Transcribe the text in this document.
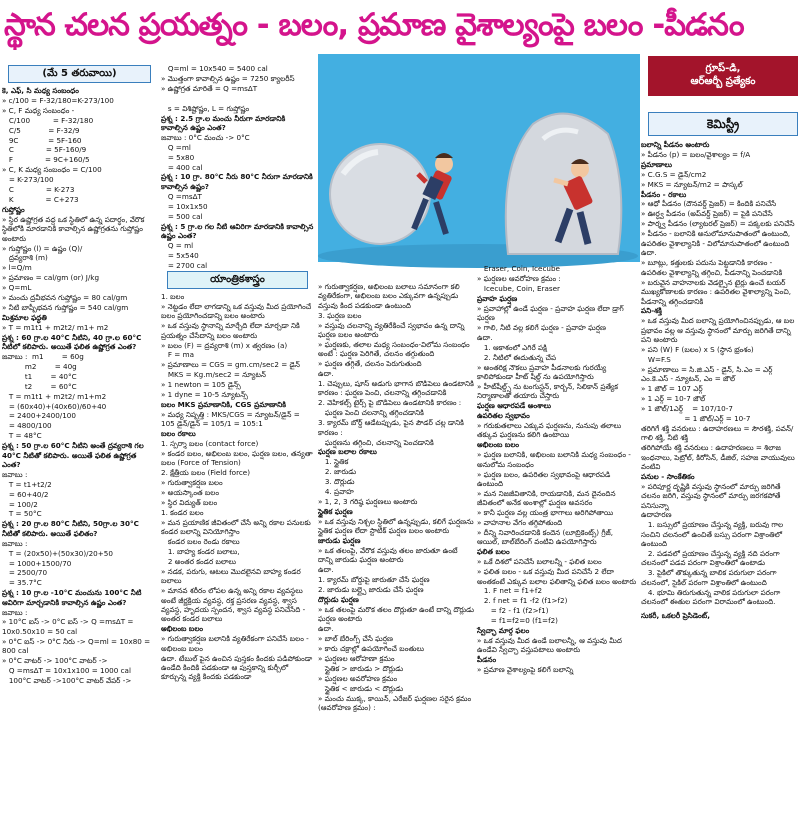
స్థాన చలన ప్రయత్నం - బలం, ప్రమాణ వైశాల్యంపై బలం -పీడనం
(మే 5 తరువాయి)

కె, ఎఫ్, సి మధ్య సంబంధం

» c/100 = F-32/180=K-273/100

» C, F మధ్య సంబంధం -

C/100          = F-32/180

C/5            = F-32/9

9C             = 5F-160

C              = 5F-160/9

F              = 9C+160/5

» C, K మధ్య సంబంధం = C/100

= K-273/100

C              = K-273

K              = C+273

గుప్తోష్ణం

» స్థిర ఉష్ణోగ్రత వద్ద ఒక స్థితిలో ఉన్న పదార్థం, వేరొక స్థితిలోకి మారడానికి కావాల్సిన ఉష్ణోగ్రతను గుప్తోష్ణం అంటారు

» గుప్తోష్ణం (l) = ఉష్ణం (Q)/

ద్రవ్యరాశి (m)

» l=Q/m

» ప్రమాణం = cal/gm (or) J/kg

» Q=mL

» మంచు ద్రవీభవన గుప్తోష్ణం = 80 cal/gm

» నీటి బాష్పీభవన గుప్తోష్ణం = 540 cal/gm

మిశ్రమాల ఫద్ధతి

» T = m1t1 + m2t2/ m1+ m2

ప్రశ్న : 60 గ్రా.ల 40°C నీటిని, 40 గ్రా.ల 60°C నీటిలో కలిపారు. అయితే ఫలిత ఉష్ణోగ్రత ఎంత?

జవాబు :  m1        = 60g

m2        = 40g

t1        = 40°C

t2        = 60°C

T = m1t1 + m2t2/ m1+m2

= (60x40)+(40x60)/60+40

= 2400+2400/100

= 4800/100

T = 48°C

ప్రశ్న : 50 గ్రా.ల 60°C నీటిని అంతే ద్రవ్యరాశి గల 40°C నీటితో కలిపారు. అయితే ఫలిత ఉష్ణోగ్రత ఎంత?

జవాబు :

T = t1+t2/2

= 60+40/2

= 100/2

T = 50°C

ప్రశ్న : 20 గ్రా.ల 80°C నీటిని, 50గ్రా.ల 30°C నీటితో కలిపారు. అయితే ఫలితం?

జవాబు :

T = (20x50)+(50x30)/20+50

= 1000+1500/70

= 2500/70

= 35.7°C

ప్రశ్న : 10 గ్రా.ల -10°C మంచును 100°C నీటి ఆవిరిగా మార్చడానికి కావాల్సిన ఉష్ణం ఎంత?

జవాబు :

» 10°C ఐస్ -> 0°C ఐస్ -> Q =msΔT = 10x0.50x10 = 50 cal

» 0°C ఐస్ -> 0°C నీరు -> Q=ml = 10x80 = 800 cal

» 0°C వాటర్ -> 100°C వాటర్ ->

Q =msΔT = 10x1x100 = 1000 cal

100°C వాటర్ ->100°C వాటర్ వేపర్ ->

Q=ml = 10x540 = 5400 cal

» మొత్తంగా కావాల్సిన ఉష్ణం = 7250 క్యాలరీస్

» ఉష్ణోగ్రత మారితే = Q =msΔT

s = విశిష్టోష్ణం, L = గుప్తోష్ణం

ప్రశ్న : 2.5 గ్రా.ల మంచు నీరుగా మారడానికి కావాల్సిన ఉష్ణం ఎంత?

జవాబు : 0°C మంచు -> 0°C

Q =ml

= 5x80

= 400 cal

ప్రశ్న : 10 గ్రా. 80°C నీరు 80°C నీరుగా మారడానికి కావాల్సిన ఉష్ణం?

Q =msΔT

= 10x1x50

= 500 cal

ప్రశ్న : 5 గ్రా.ల గల నీటి ఆవిరిగా మారడానికి కావాల్సిన ఉష్ణం ఎంత?

Q = ml

= 5x540

= 2700 cal

యాంత్రికశాస్త్రం

1. బలం

» నెట్టడం లేదా లాగడాన్ని ఒక వస్తువు మీద ప్రయోగించే బలం ప్రయోగించడాన్ని బలం అంటారు

» ఒక వస్తువు స్థానాన్ని మార్చేది లేదా మార్చడా నికి ప్రయత్నం చేసేదాన్ని బలం అంటారు

» బలం (F) = ద్రవ్యరాశి (m) x త్వరణం (a)

F = ma

» ప్రమాణాలు = CGS = gm.cm/sec2 = డైన్

MKS = Kg.m/sec2 = న్యూటన్

» 1 newton = 105 డైన్స్

» 1 dyne = 10-5 న్యూటన్స్

బలం MKS ప్రమాణానికి, CGS ప్రమాణానికి

» మధ్య నిష్పత్తి : MKS/CGS = న్యూటన్/డైన్ = 105 డైన్/డైన్ = 105/1 = 105:1

బలం రకాలు

1. స్పర్శా బలం (contact force)

» కండర బలం, అభిలంబ బలం, ఘర్షణ బలం, తన్యతా బలం (Force of Tension)

2. క్షేత్రీయ బలం (Field force)

» గురుత్వాకర్షణ బలం

» అయస్కాంత బలం

» స్థిర విద్యుత్ బలం

1. కండర బలం

» మన ప్రయాణిక జీవితంలో చేసే అన్ని రకాల పనులకు కండర బలాన్ని వినియోగిస్తాం

కండర బలం రెండు రకాలు

1. బాహ్య కండర బలాలు,

2 అంతర కండర బలాలు

» నడక, పరుగు, ఆటలు మొదలైనవి బాహ్య కండర బలాలు

» మానవ శరీరం లోపల ఉన్న అన్ని రకాల వ్యవస్థలు అంటే జీర్ణక్రియ వ్యవస్థ, రక్త ప్రసరణ వ్యవస్థ, శ్వాస వ్యవస్థ, హృదయ స్పందన, శ్వాస వ్యవస్థ పనిచేసేది - అంతర కండర బలాలు

అభిలంబ బలం

» గురుత్వాకర్షణ బలానికి వ్యతిరేకంగా పనిచేసే బలం - అభిలంబ బలం

ఉదా. టేబుల్ పైన ఉంచిన పుస్తకం కిందకు పడిపోకుండా ఉండేది కిందికి పడకుండా ఆ పుస్తకాన్ని కుర్చీలో కూర్చున్న వ్యక్తి కిందకు పడకుండా

గ్రూప్-డి,
ఆర్ఆర్బీ ప్రత్యేకం
కెమిస్ట్రీ

» గురుత్వాకర్షణ, అభిలంబ బలాలు సమానంగా కలి వ్యతిరేకంగా, అభిలంబ బలం ఎక్కువగా ఉన్నప్పుడు వస్తువు కింద పడకుండా ఉంటుంది

3. ఘర్షణ బలం

» వస్తువు చలనాన్ని వ్యతిరేకించే స్వభావం ఉన్న దాన్ని ఘర్షణ బలం అంటారు

» ఘర్షణకు, తలాల మధ్య సంబంధం-విలోమ సంబంధం అంటే : ఘర్షణ పెరిగితే, చలనం తగ్గుతుంది

» ఘర్షణ తగ్గితే, చలనం పెరుగుతుంది

ఉదా.

1. చెప్పులు, షూస్ అడుగు భాగాన బొడిపెలు ఉండటానికి కారణం : ఘర్షణ పెంచి, చలనాన్ని తగ్గించడానికి

2. వెహికల్స్ టైర్స్ పై బొడిపెలు ఉండటానికి కారణం :

ఘర్షణ పెంచి చలనాన్ని తగ్గించడానికి

3. క్యారమ్ బోర్డ్ ఆడేటప్పుడు, పైన పౌడర్ చల్ల డానికి కారణం :

ఘర్షణను తగ్గించి, చలనాన్ని పెంచడానికి

ఘర్షణ బలాల రకాలు

1. స్థైతిక

2. జారుడు

3. దొర్లుడు

4. ప్రవాహ

» 1, 2, 3 గరిష్ఠ ఘర్షణలు అంటారు

స్థైతిక ఘర్షణ

» ఒక వస్తువు నిశ్చల స్థితిలో ఉన్నప్పుడు, కలిగే ఘర్షణను స్థైతిక ఘర్షణ లేదా స్టాటిక్ ఘర్షణ బలం అంటారు

జారుడు ఘర్షణ

» ఒక తలంపై, వేరొక వస్తువు తలం జారుతూ ఉంటే దాన్ని జారుడు ఘర్షణ అంటారు

ఉదా.

1. క్యారమ్ బోర్డుపై జారుతూ చేసే ఘర్షణ

2. జారుడు బల్ల్పై జారుడు చేసే ఘర్షణ

దొర్లుడు ఘర్షణ

» ఒక తలంపై మరొక తలం దొర్లుతూ ఉంటే దాన్ని దొర్లుడు ఘర్షణ అంటారు

ఉదా.

» బాల్ బేరింగ్స్ చేసే ఘర్షణ

» కారు చక్రాల్లో ఉపయోగించే బంతులు

» ఘర్షణల ఆరోహణా క్రమం

స్టైతిక > జారుడు > దొర్లుడు

» ఘర్షణల అవరోహణ క్రమం

స్థైతిక < జారుడు < దొర్లుడు

» మంచు ముక్క, కాయిన్, ఎరేజర్ ఘర్షణల సరైన క్రమం (ఆవరోహణ క్రమం) :

Eraser, Coin, Icecube

» ఘర్షణల ఆవరోహణ క్రమం :

Icecube, Coin, Eraser

ప్రవాహ ఘర్షణ

» ప్రవాహాల్లో ఉండే ఘర్షణ - ప్రవాహ ఘర్షణ లేదా డ్రాగ్ ఘర్షణ

» గాలి, నీటి వల్ల కలిగే ఘర్షణ - ప్రవాహ ఘర్షణ

ఉదా.

1. ఆకాశంలో ఎగిరే పక్షి

2. నీటిలో ఈదుతున్న చేప

» అంతరిక్ష నౌకలు ప్రవాహ పీడనాలకు గురయ్యే కాలిపోకుండా హీట్ షీల్డ్ ను ఉపయోగిస్తారు

» హీట్‌షీల్డ్స్ ను టంగుస్టన్, కార్బన్, సిలికాన్ ప్రత్యేక నిర్మాణాలతో తయారు చేస్తారు

ఘర్షణ ఆధారపడే అంశాలు

ఉపరితల స్వభావం

» గరుకుతలాలు ఎక్కువ ఘర్షణను, నునుపు తలాలు తక్కువ ఘర్షణను కలిగి ఉంటాయి

అభిలంబ బలం

» ఘర్షణ బలానికి, అభిలంబ బలానికి మధ్య సంబంధం - అనులోమ సంబంధం

» ఘర్షణ బలం, ఉపరితల స్వభావంపై ఆధారపడి ఉంటుంది

» మన నిజజీవితానికి, రాయడానికి, మన దైనందిన జీవితంలో అనేక అంశాల్లో ఘర్షణ అవసరం

» కానీ ఘర్షణ వల్ల యంత్ర భాగాలు అరిగిపోతాయి

» వాహనాల వేగం తగ్గిపోతుంది

» దీన్ని నివారించడానికి కందెన (లూబ్రికెంట్స్) గ్రీజ్, ఆయిల్, బాల్‌బేరింగ్ వంటివి ఉపయోగిస్తారు

ఫలిత బలం

» ఒకే దిశలో పనిచేసే బలాలన్నీ - ఫలిత బలం

» ఫలిత బలం - ఒక వస్తువు మీద పనిచేసే 2 లేదా అంతకంటే ఎక్కువ బలాల ఫలితాన్ని ఫలిత బలం అంటారు

1. F net = f1+f2

2. f net = f1 -f2 (f1>f2)

= f2 - f1 (f2>f1)

= f1=f2=0 (f1=f2)

స్వేచ్ఛా మార్గ ఫలం

» ఒక వస్తువు మీద ఉండే బలాలన్నీ, ఆ వస్తువు మీద ఉండేవి స్వేచ్ఛా వస్తుపటాలు అంటారు

పీడనం

» ప్రమాణ వైశాల్యంపై కలిగే బలాన్ని

బలాన్ని పీడనం అంటారు

» పీడనం (p) = బలం/వైశాల్యం = f/A

ప్రమాణాలు

» C.G.S = డైన్/cm2

» MKS = న్యూటన్/m2 = పాస్కల్

పీడనం - రకాలు

» ఆధో పీడనం (దౌనవర్డ్ ప్రెజర్) = కిందికి పనిచేసే

» ఊర్ధ్వ పీడనం (అప్‌వర్డ్ ప్రెజర్) = పైకి పనిచేసే

» పార్శ్వ పీడనం (ల్యాటరల్ ప్రెజర్) = పక్కలకు పనిచేసే

» పీడనం - బలానికి అనులోమానుపాతంలో ఉంటుంది, ఉపరితల వైశాల్యానికి - విలోమానుపాతంలో ఉంటుంది

ఉదా.

» బూట్లు, కత్తులకు పదును పెట్టడానికి కారణం - ఉపరితల వైశాల్యాన్ని తగ్గించి, పీడనాన్ని పెంచడానికి

» బరువైన వాహనాలకు వెడల్పైన టైర్లు ఉంచే టయర్ ముఖ్యకోణాలకు కారణం : ఉపరితల వైశాల్యాన్ని పెంచి, పీడనాన్ని తగ్గించడానికి

పని-శక్తి

» ఒక వస్తువు మీద బలాన్ని ప్రయోగించినప్పుడు, ఆ బల ప్రభావం వల్ల ఆ వస్తువు స్థానంలో మార్పు జరిగితే దాన్ని పని అంటారు

» పని (W) F (బలం) x S (స్థాన భ్రంశం)

W=F.S

» ప్రమాణాలు = సి.జి.ఎస్ - డైన్, సి.ఎం = ఎర్గ్ ఎం.కె.ఎస్ - న్యూటన్, ఎం = జౌల్

» 1 జౌల్ = 107 ఎర్గ్

» 1 ఎర్గ్ = 10-7 జౌల్

» 1 జౌల్/1ఎర్గ్    = 107/10-7

= 1 జౌల్/ఎర్గ్ = 10-7

తరిగిగే శక్తి వనరులు : ఉదాహరణలు = సౌరశక్తి, పవన్/గాలి శక్తి, నీటి శక్తి

తరిగిపోయే శక్తి వనరులు : ఉదాహరణలు = శిలాజ ఇంధనాలు, పెట్రోల్, కిరోసిన్, డీజిల్, సహజ వాయువులు వంటివి

పనుల - సాంకేతికం

» పరిపూర్ణ దృష్ణికి వస్తువు స్థానంలో మార్పు జరిగితే చలనం జరిగి, వస్తువు స్థానంలో మార్పు జరగకపోతే పనిసున్నా

ఉదాహరణ

1. బస్సులో ప్రయాణం చేస్తున్న వ్యక్తి, బరువు గాల సంచిని చలనంలో ఉంచితే బస్సు పరంగా విశ్రాంతిలో ఉంటుంది

2. పడవలో ప్రయాణం చేస్తున్న వ్యక్తి నది పరంగా చలనంలో పడవ పరంగా విశ్రాంతిలో ఉంటాడు

3. పైకిలో తొక్కుతున్న బాలిక పరుగులా పరంగా చలనంలో, సైకిల్ పరంగా విశ్రాంతిలో ఉంటుంది

4. భూమి తిరుగుతున్న వాలిక పరుగులా పరంగా చలనంలో ఈతుల పరంగా విరామంలో ఉంటుంది.

సుకరీ, ఒకలరీ ప్రెసిడెంట్,
